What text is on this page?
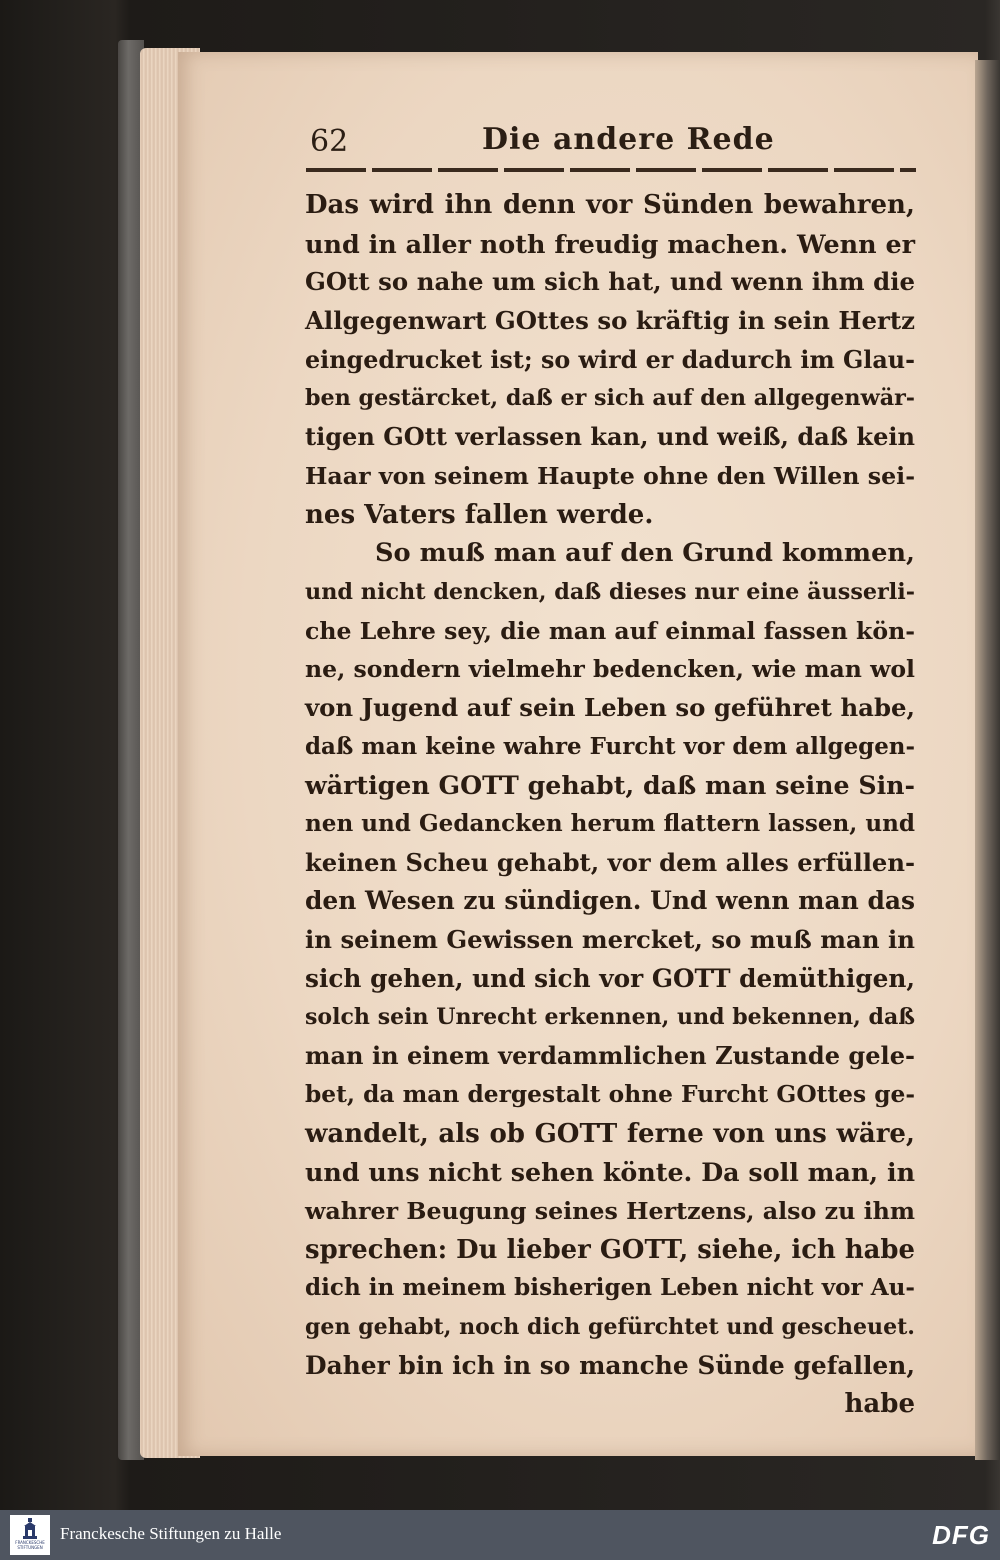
62	Die andere Rede
Das wird ihn denn vor Sünden bewahren,
und in aller noth freudig machen. Wenn er
GOtt so nahe um sich hat, und wenn ihm die
Allgegenwart GOttes so kräftig in sein Hertz
eingedrucket ist; so wird er dadurch im Glau-
ben gestärcket, daß er sich auf den allgegenwär-
tigen GOtt verlassen kan, und weiß, daß kein
Haar von seinem Haupte ohne den Willen sei-
nes Vaters fallen werde.
So muß man auf den Grund kommen,
und nicht dencken, daß dieses nur eine äusserli-
che Lehre sey, die man auf einmal fassen kön-
ne, sondern vielmehr bedencken, wie man wol
von Jugend auf sein Leben so geführet habe,
daß man keine wahre Furcht vor dem allgegen-
wärtigen GOTT gehabt, daß man seine Sin-
nen und Gedancken herum flattern lassen, und
keinen Scheu gehabt, vor dem alles erfüllen-
den Wesen zu sündigen. Und wenn man das
in seinem Gewissen mercket, so muß man in
sich gehen, und sich vor GOTT demüthigen,
solch sein Unrecht erkennen, und bekennen, daß
man in einem verdammlichen Zustande gele-
bet, da man dergestalt ohne Furcht GOttes ge-
wandelt, als ob GOTT ferne von uns wäre,
und uns nicht sehen könte. Da soll man, in
wahrer Beugung seines Hertzens, also zu ihm
sprechen: Du lieber GOTT, siehe, ich habe
dich in meinem bisherigen Leben nicht vor Au-
gen gehabt, noch dich gefürchtet und gescheuet.
Daher bin ich in so manche Sünde gefallen,
habe
FRANCKESCHE
STIFTUNGEN
Franckesche Stiftungen zu Halle	DFG
